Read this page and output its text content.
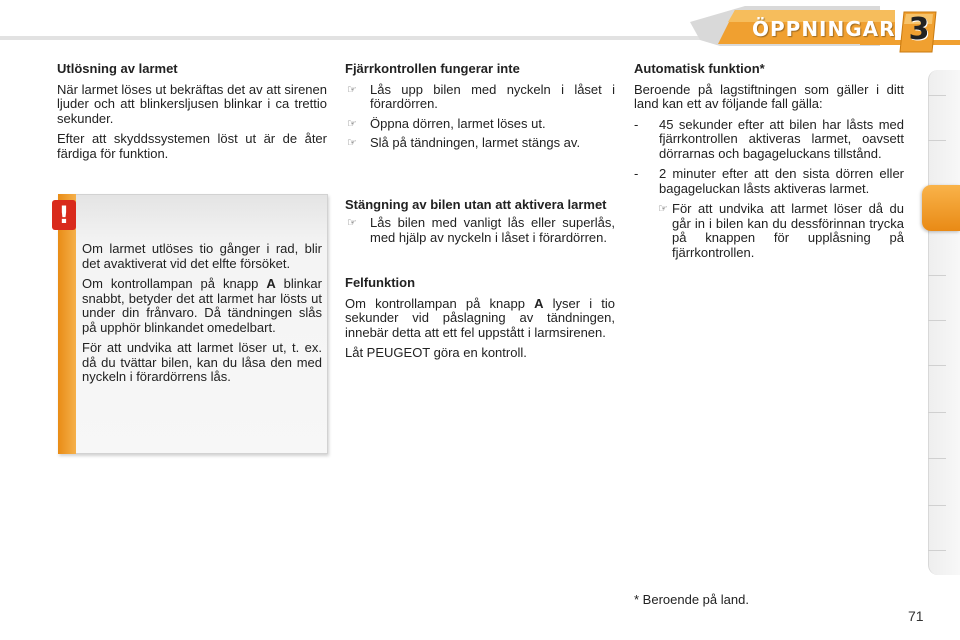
ÖPPNINGAR 3
Utlösning av larmet

När larmet löses ut bekräftas det av att sirenen ljuder och att blinkersljusen blinkar i ca trettio sekunder.

Efter att skyddssystemen löst ut är de åter färdiga för funktion.

!

Om larmet utlöses tio gånger i rad, blir det avaktiverat vid det elfte försöket.

Om kontrollampan på knapp A blinkar snabbt, betyder det att larmet har lösts ut under din frånvaro. Då tändningen slås på upphör blinkandet omedelbart.

För att undvika att larmet löser ut, t. ex. då du tvättar bilen, kan du låsa den med nyckeln i förardörrens lås.

Fjärrkontrollen fungerar inte
☞ Lås upp bilen med nyckeln i låset i förardörren.
☞ Öppna dörren, larmet löses ut.
☞ Slå på tändningen, larmet stängs av.
Stängning av bilen utan att aktivera larmet
☞ Lås bilen med vanligt lås eller superlås, med hjälp av nyckeln i låset i förardörren.
Felfunktion

Om kontrollampan på knapp A lyser i tio sekunder vid påslagning av tändningen, innebär detta att ett fel uppstått i larmsirenen.

Låt PEUGEOT göra en kontroll.

Automatisk funktion*

Beroende på lagstiftningen som gäller i ditt land kan ett av följande fall gälla:

- 45 sekunder efter att bilen har låsts med fjärrkontrollen aktiveras larmet, oavsett dörrarnas och bagageluckans tillstånd.
- 2 minuter efter att den sista dörren eller bagageluckan låsts aktiveras larmet.
☞ För att undvika att larmet löser då du går in i bilen kan du dessförinnan trycka på knappen för upplåsning på fjärrkontrollen.
* Beroende på land.
71
